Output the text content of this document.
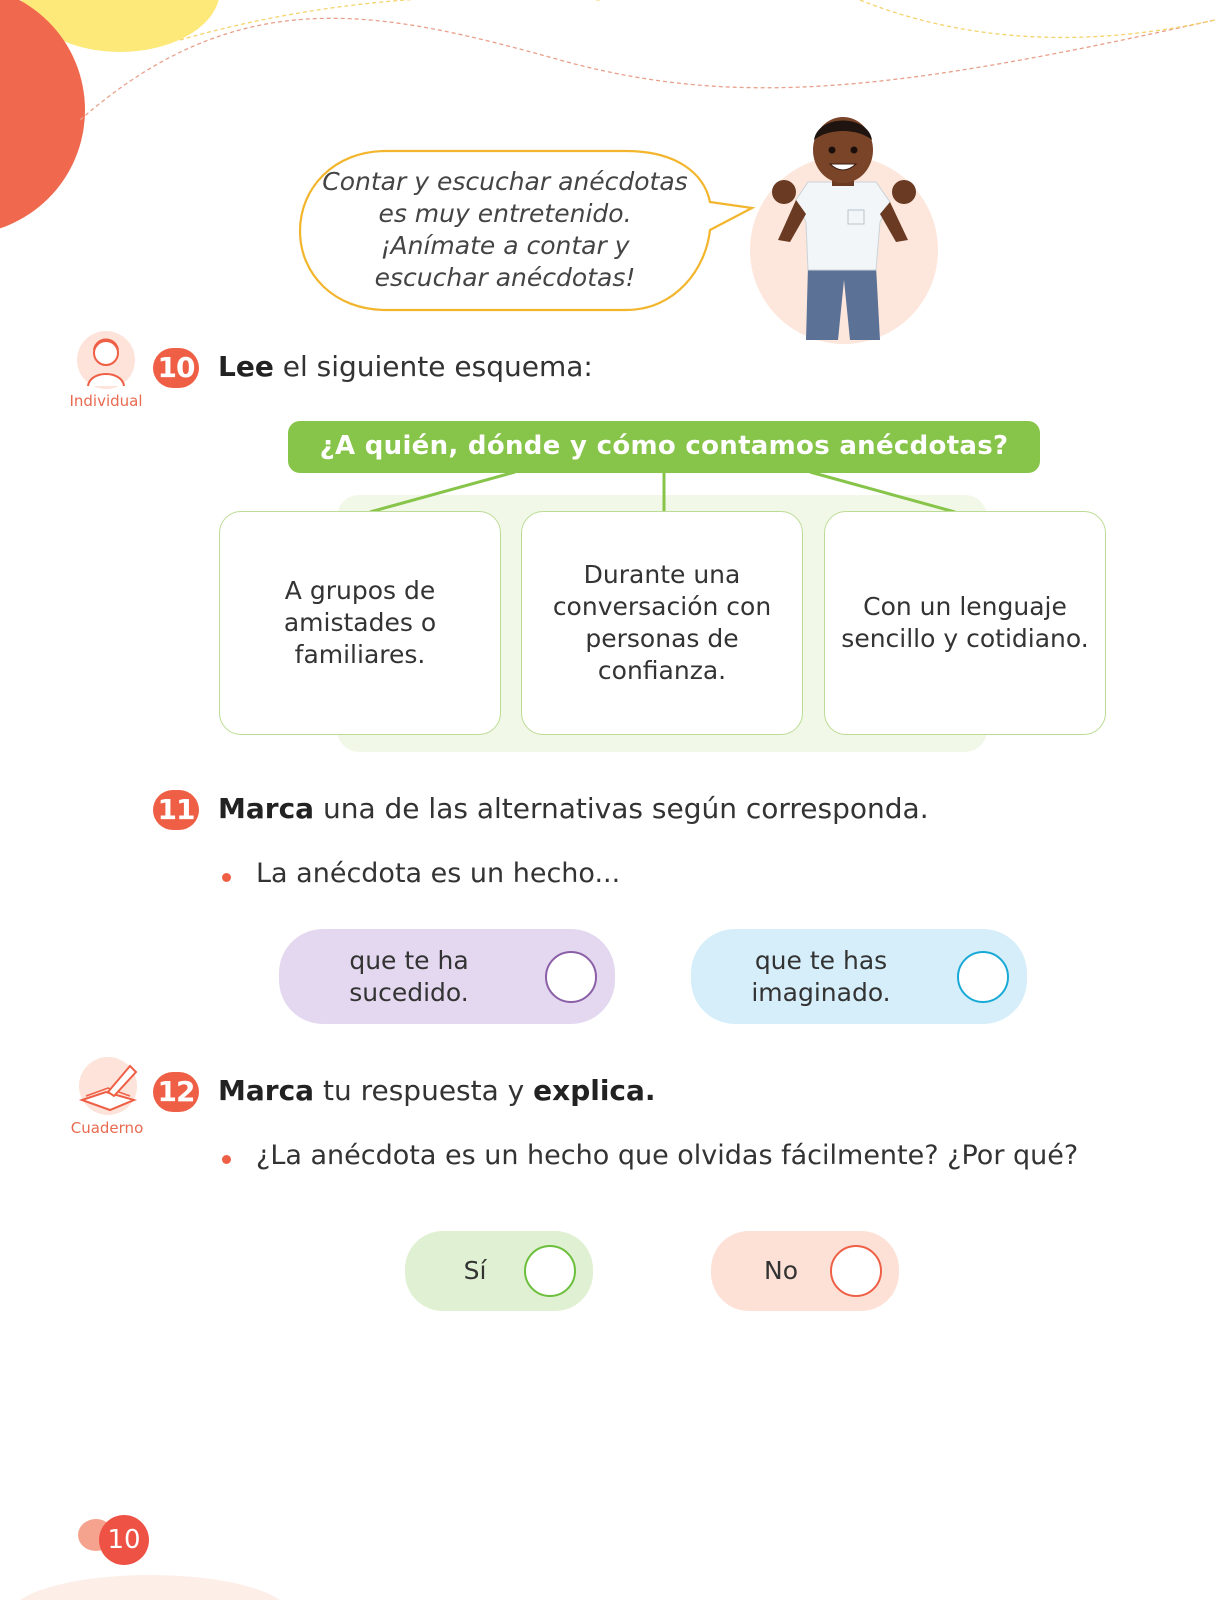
Contar y escuchar anécdotas
es muy entretenido.
¡Anímate a contar y
escuchar anécdotas!
Individual
10 Lee el siguiente esquema:
¿A quién, dónde y cómo contamos anécdotas?
A grupos de amistades o familiares.
Durante una conversación con personas de confianza.
Con un lenguaje sencillo y cotidiano.
11 Marca una de las alternativas según corresponda.
La anécdota es un hecho...
que te ha sucedido.
que te has imaginado.
Cuaderno
12 Marca tu respuesta y explica.
¿La anécdota es un hecho que olvidas fácilmente? ¿Por qué?
Sí	No
10
